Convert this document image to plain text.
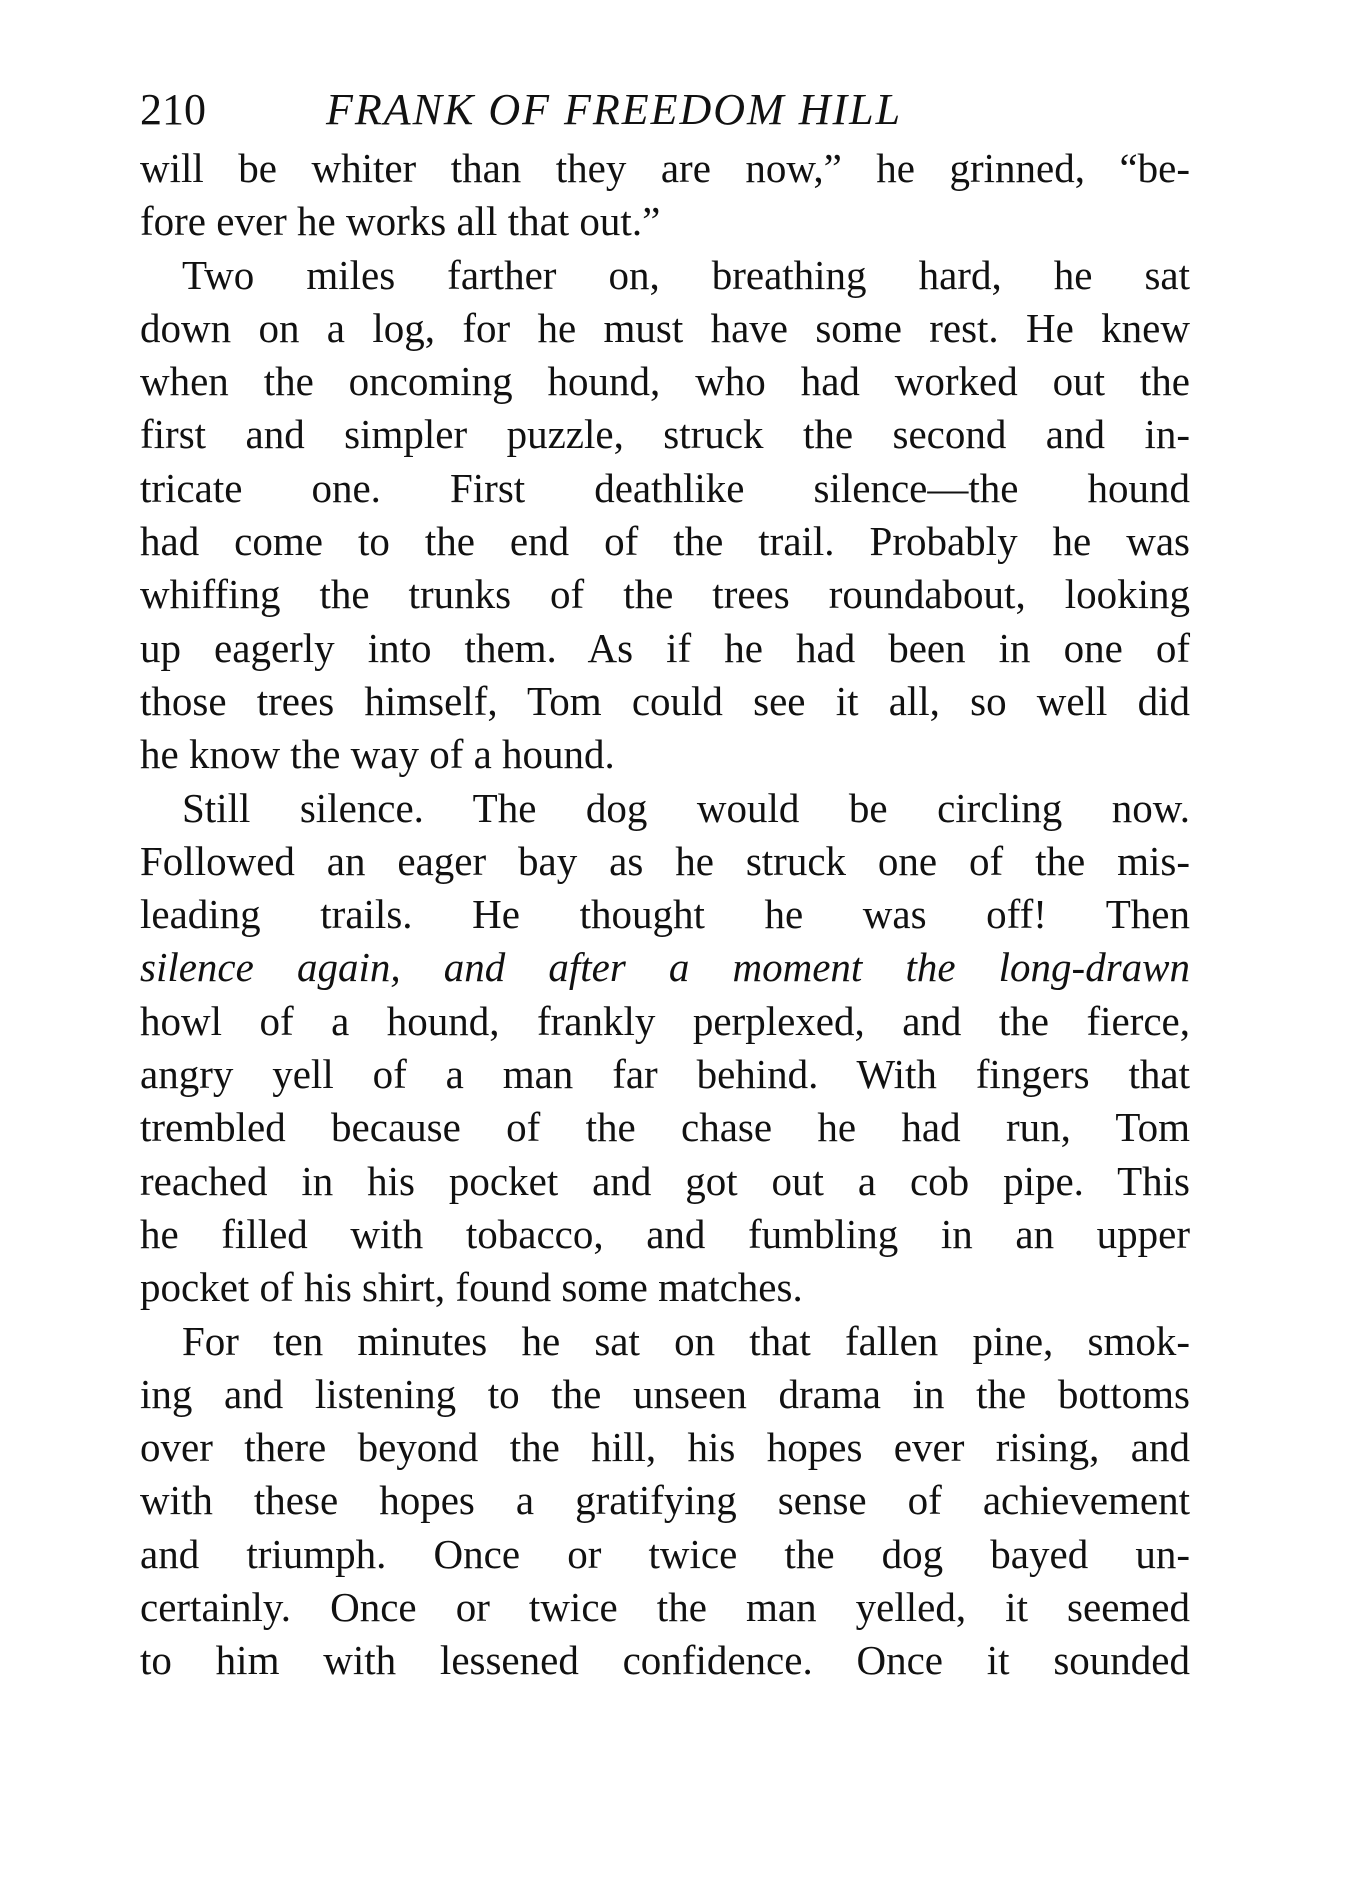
210	FRANK OF FREEDOM HILL
will be whiter than they are now,” he grinned, “be-
fore ever he works all that out.”
Two miles farther on, breathing hard, he sat
down on a log, for he must have some rest. He knew
when the oncoming hound, who had worked out the
first and simpler puzzle, struck the second and in-
tricate one. First deathlike silence—the hound
had come to the end of the trail. Probably he was
whiffing the trunks of the trees roundabout, looking
up eagerly into them. As if he had been in one of
those trees himself, Tom could see it all, so well did
he know the way of a hound.
Still silence. The dog would be circling now.
Followed an eager bay as he struck one of the mis-
leading trails. He thought he was off! Then
silence again, and after a moment the long-drawn
howl of a hound, frankly perplexed, and the fierce,
angry yell of a man far behind. With fingers that
trembled because of the chase he had run, Tom
reached in his pocket and got out a cob pipe. This
he filled with tobacco, and fumbling in an upper
pocket of his shirt, found some matches.
For ten minutes he sat on that fallen pine, smok-
ing and listening to the unseen drama in the bottoms
over there beyond the hill, his hopes ever rising, and
with these hopes a gratifying sense of achievement
and triumph. Once or twice the dog bayed un-
certainly. Once or twice the man yelled, it seemed
to him with lessened confidence. Once it sounded
